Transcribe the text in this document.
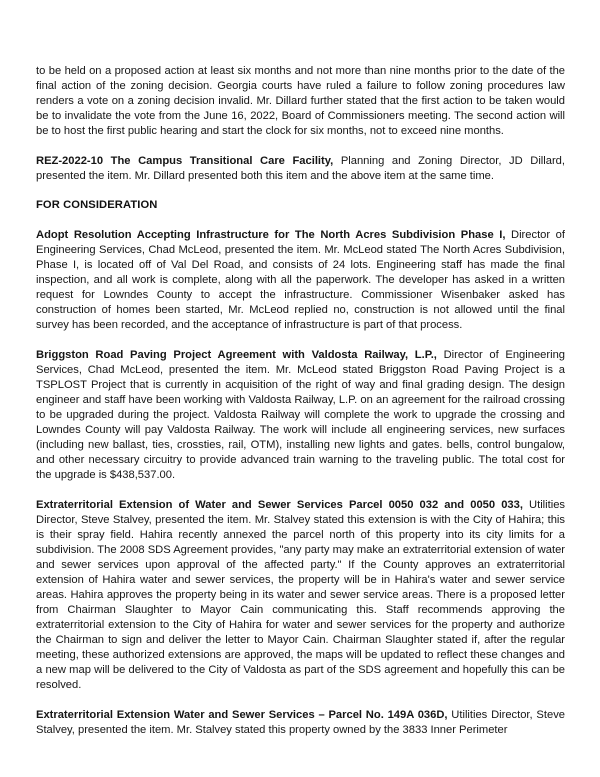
to be held on a proposed action at least six months and not more than nine months prior to the date of the final action of the zoning decision. Georgia courts have ruled a failure to follow zoning procedures law renders a vote on a zoning decision invalid. Mr. Dillard further stated that the first action to be taken would be to invalidate the vote from the June 16, 2022, Board of Commissioners meeting. The second action will be to host the first public hearing and start the clock for six months, not to exceed nine months.

REZ-2022-10 The Campus Transitional Care Facility, Planning and Zoning Director, JD Dillard, presented the item. Mr. Dillard presented both this item and the above item at the same time.

FOR CONSIDERATION

Adopt Resolution Accepting Infrastructure for The North Acres Subdivision Phase I, Director of Engineering Services, Chad McLeod, presented the item. Mr. McLeod stated The North Acres Subdivision, Phase I, is located off of Val Del Road, and consists of 24 lots. Engineering staff has made the final inspection, and all work is complete, along with all the paperwork. The developer has asked in a written request for Lowndes County to accept the infrastructure. Commissioner Wisenbaker asked has construction of homes been started, Mr. McLeod replied no, construction is not allowed until the final survey has been recorded, and the acceptance of infrastructure is part of that process.

Briggston Road Paving Project Agreement with Valdosta Railway, L.P., Director of Engineering Services, Chad McLeod, presented the item. Mr. McLeod stated Briggston Road Paving Project is a TSPLOST Project that is currently in acquisition of the right of way and final grading design. The design engineer and staff have been working with Valdosta Railway, L.P. on an agreement for the railroad crossing to be upgraded during the project. Valdosta Railway will complete the work to upgrade the crossing and Lowndes County will pay Valdosta Railway. The work will include all engineering services, new surfaces (including new ballast, ties, crossties, rail, OTM), installing new lights and gates. bells, control bungalow, and other necessary circuitry to provide advanced train warning to the traveling public. The total cost for the upgrade is $438,537.00.

Extraterritorial Extension of Water and Sewer Services Parcel 0050 032 and 0050 033, Utilities Director, Steve Stalvey, presented the item. Mr. Stalvey stated this extension is with the City of Hahira; this is their spray field. Hahira recently annexed the parcel north of this property into its city limits for a subdivision. The 2008 SDS Agreement provides, "any party may make an extraterritorial extension of water and sewer services upon approval of the affected party." If the County approves an extraterritorial extension of Hahira water and sewer services, the property will be in Hahira's water and sewer service areas. Hahira approves the property being in its water and sewer service areas. There is a proposed letter from Chairman Slaughter to Mayor Cain communicating this. Staff recommends approving the extraterritorial extension to the City of Hahira for water and sewer services for the property and authorize the Chairman to sign and deliver the letter to Mayor Cain. Chairman Slaughter stated if, after the regular meeting, these authorized extensions are approved, the maps will be updated to reflect these changes and a new map will be delivered to the City of Valdosta as part of the SDS agreement and hopefully this can be resolved.

Extraterritorial Extension Water and Sewer Services – Parcel No. 149A 036D, Utilities Director, Steve Stalvey, presented the item. Mr. Stalvey stated this property owned by the 3833 Inner Perimeter
